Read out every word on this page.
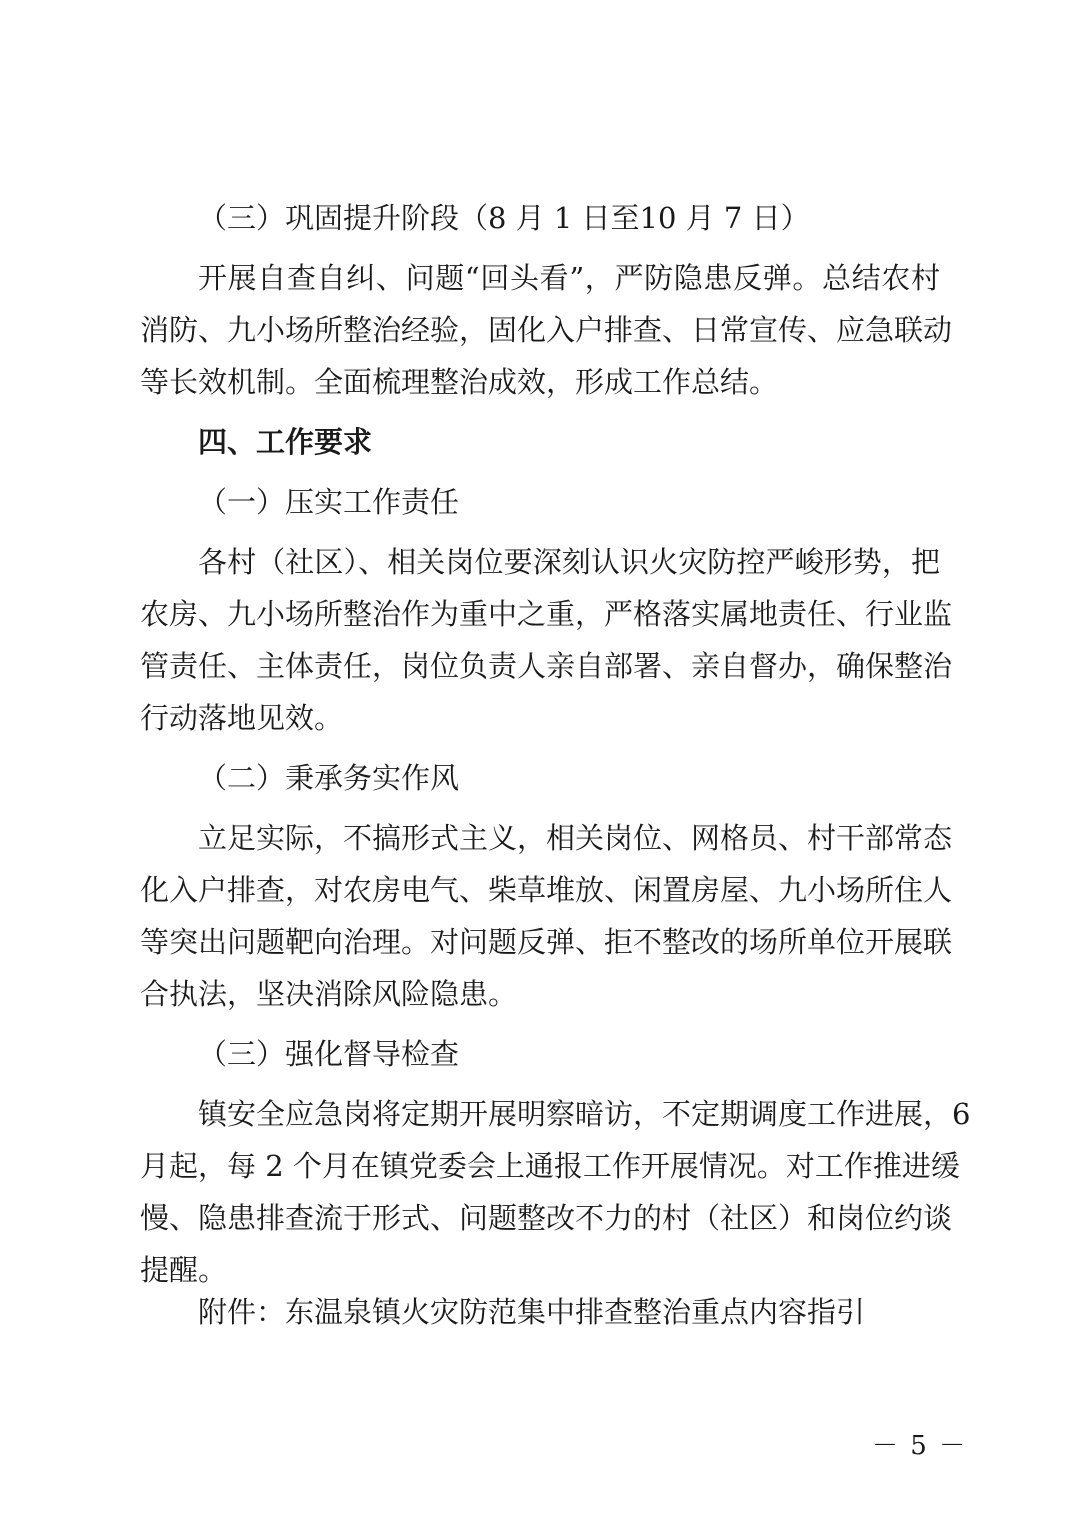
（三）巩固提升阶段（8 月 1 日至10 月 7 日）
开展自查自纠、问题“回头看”，严防隐患反弹。总结农村
消防、九小场所整治经验，固化入户排查、日常宣传、应急联动
等长效机制。全面梳理整治成效，形成工作总结。
四、工作要求
（一）压实工作责任
各村（社区）、相关岗位要深刻认识火灾防控严峻形势，把
农房、九小场所整治作为重中之重，严格落实属地责任、行业监
管责任、主体责任，岗位负责人亲自部署、亲自督办，确保整治
行动落地见效。
（二）秉承务实作风
立足实际，不搞形式主义，相关岗位、网格员、村干部常态
化入户排查，对农房电气、柴草堆放、闲置房屋、九小场所住人
等突出问题靶向治理。对问题反弹、拒不整改的场所单位开展联
合执法，坚决消除风险隐患。
（三）强化督导检查
镇安全应急岗将定期开展明察暗访，不定期调度工作进展，6
月起，每 2 个月在镇党委会上通报工作开展情况。对工作推进缓
慢、隐患排查流于形式、问题整改不力的村（社区）和岗位约谈
提醒。
附件：东温泉镇火灾防范集中排查整治重点内容指引
－ 5 －
